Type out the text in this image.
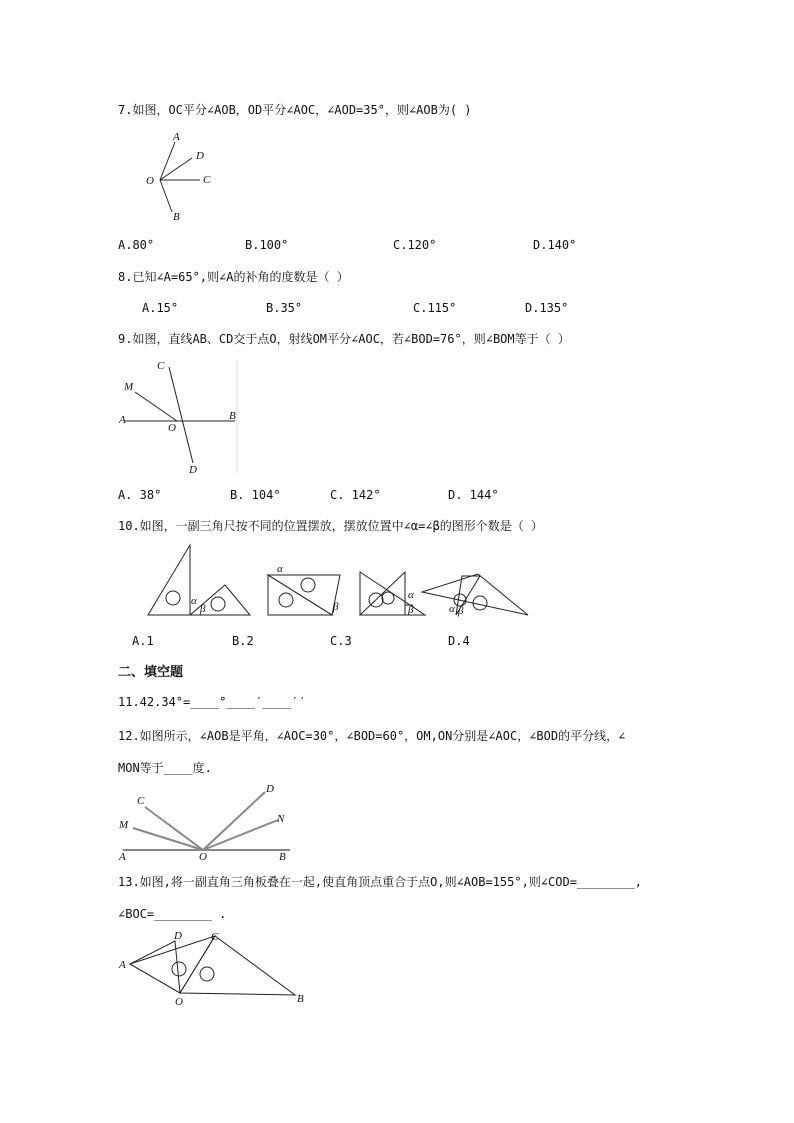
7.如图，OC平分∠AOB，OD平分∠AOC，∠AOD=35°，则∠AOB为( )
A
D
O	C
B
A.80°	B.100°	C.120°	D.140°
8.已知∠A=65°,则∠A的补角的度数是（ ）
A.15°	B.35°	C.115°	D.135°
9.如图，直线AB、CD交于点O，射线OM平分∠AOC，若∠BOD=76°，则∠BOM等于（ ）
C
M
A
O
B
D
A. 38°	B. 104°	C. 142°	D. 144°
10.如图，一副三角尺按不同的位置摆放，摆放位置中∠α=∠β的图形个数是（ ）
α
β
α
β
α
β	α β
A.1	B.2	C.3	D.4
二、填空题
11.42.34°=____°____′____′′
12.如图所示，∠AOB是平角，∠AOC=30°，∠BOD=60°，OM,ON分别是∠AOC，∠BOD的平分线，∠
MON等于____度.
C
D
M	N
A	O	B
13.如图,将一副直角三角板叠在一起,使直角顶点重合于点O,则∠AOB=155°,则∠COD=________,
∠BOC=________ .
D	C
A
O	B
